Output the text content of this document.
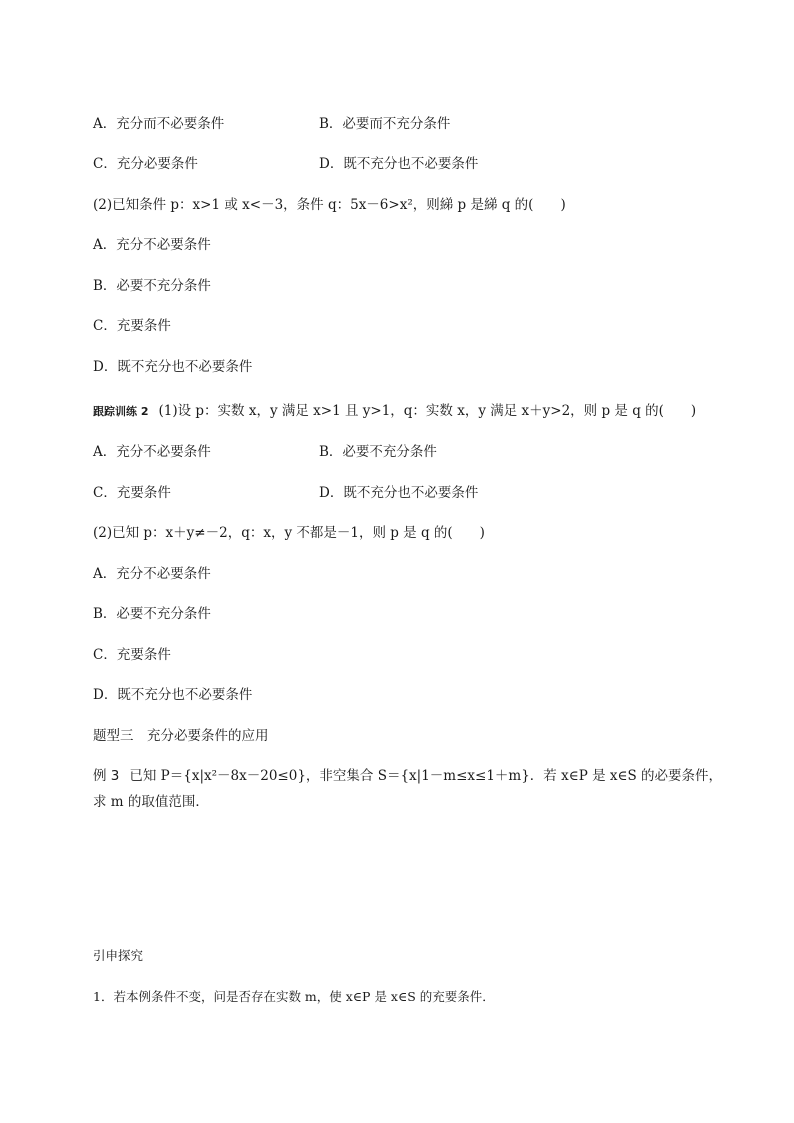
A．充分而不必要条件	B．必要而不充分条件
C．充分必要条件	D．既不充分也不必要条件
(2)已知条件 p：x>1 或 x<－3，条件 q：5x－6>x²，则綈 p 是綈 q 的(　　)
A．充分不必要条件
B．必要不充分条件
C．充要条件
D．既不充分也不必要条件
跟踪训练 2 (1)设 p：实数 x，y 满足 x>1 且 y>1，q：实数 x，y 满足 x＋y>2，则 p 是 q 的(　　)
A．充分不必要条件	B．必要不充分条件
C．充要条件	D．既不充分也不必要条件
(2)已知 p：x＋y≠－2，q：x，y 不都是－1，则 p 是 q 的(　　)
A．充分不必要条件
B．必要不充分条件
C．充要条件
D．既不充分也不必要条件
题型三　充分必要条件的应用
例 3 已知 P＝{x|x²－8x－20≤0}，非空集合 S＝{x|1－m≤x≤1＋m}．若 x∈P 是 x∈S 的必要条件，
求 m 的取值范围．
引申探究
1．若本例条件不变，问是否存在实数 m，使 x∈P 是 x∈S 的充要条件．
